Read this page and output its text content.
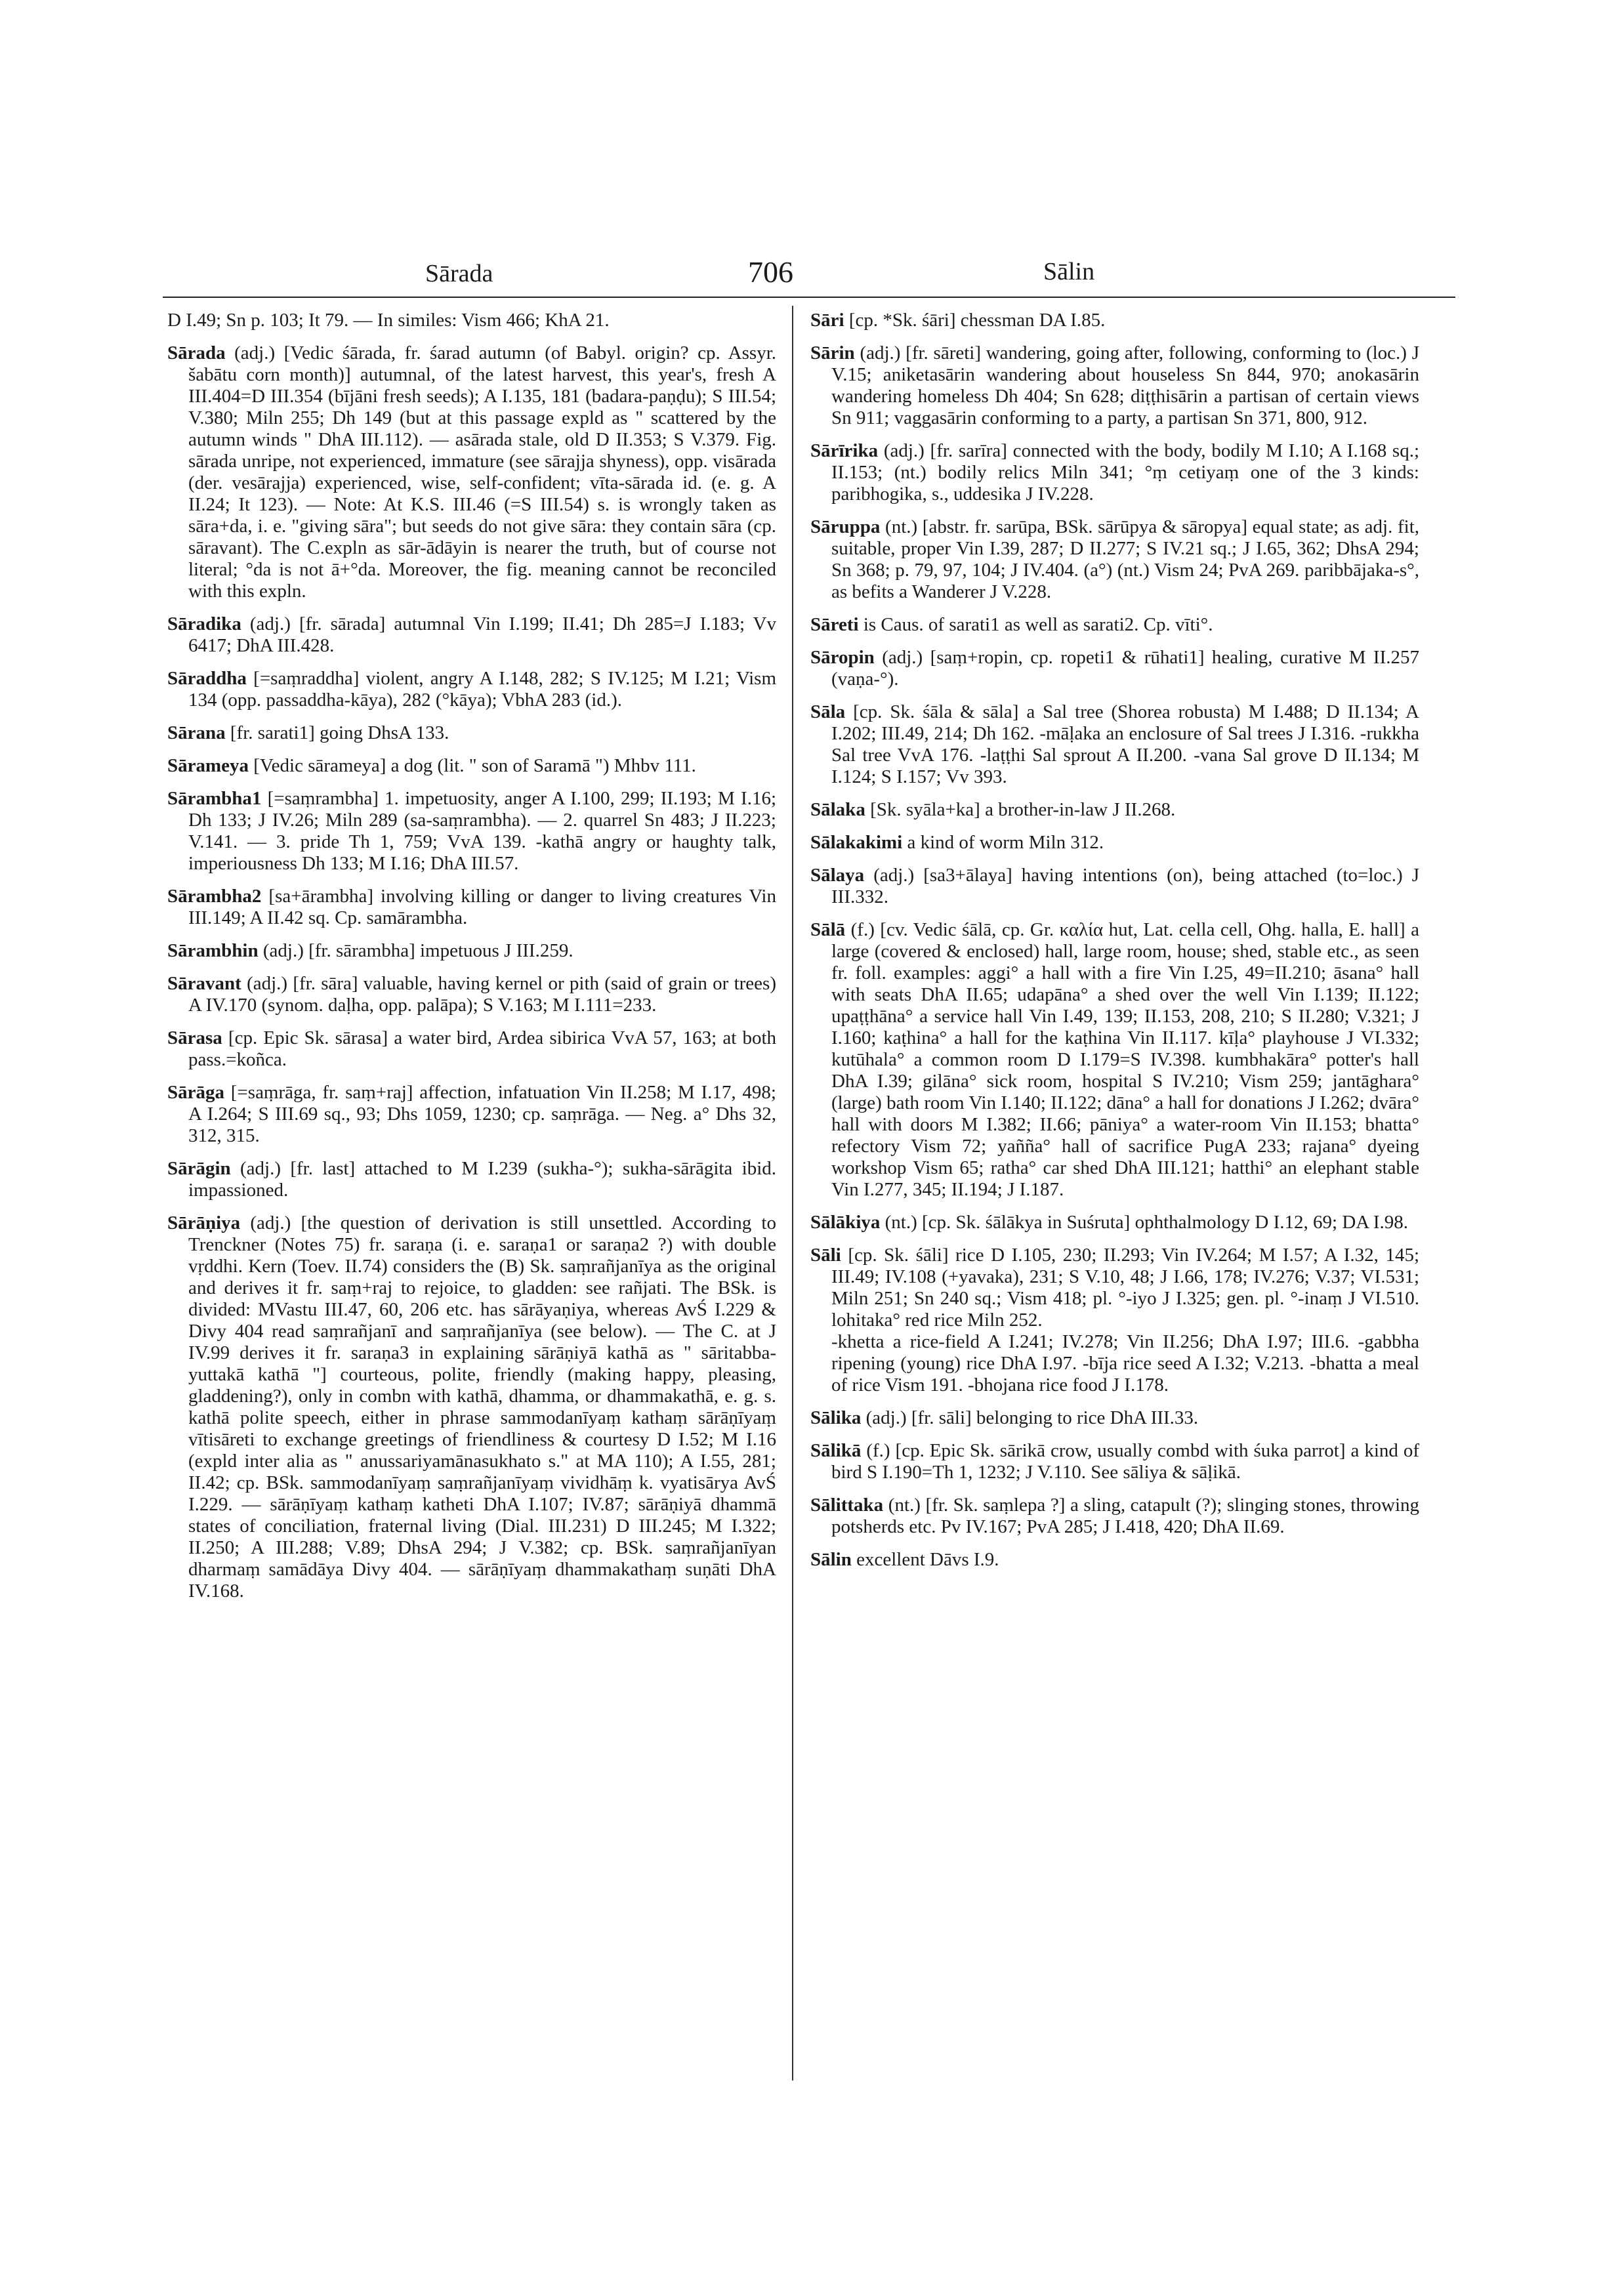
Sārada	706	Sālin

D I.49; Sn p. 103; It 79. — In similes: Vism 466; KhA 21.

Sārada (adj.) [Vedic śārada, fr. śarad autumn (of Babyl. origin? cp. Assyr. šabātu corn month)] autumnal, of the latest harvest, this year's, fresh A III.404=D III.354 (bījāni fresh seeds); A I.135, 181 (badara-paṇḍu); S III.54; V.380; Miln 255; Dh 149 (but at this passage expld as " scattered by the autumn winds " DhA III.112). — asārada stale, old D II.353; S V.379. Fig. sārada unripe, not experienced, immature (see sārajja shyness), opp. visārada (der. vesārajja) experienced, wise, self-confident; vīta-sārada id. (e. g. A II.24; It 123). — Note: At K.S. III.46 (=S III.54) s. is wrongly taken as sāra+da, i. e. "giving sāra"; but seeds do not give sāra: they contain sāra (cp. sāravant). The C.expln as sār-ādāyin is nearer the truth, but of course not literal; °da is not ā+°da. Moreover, the fig. meaning cannot be reconciled with this expln.

Sāradika (adj.) [fr. sārada] autumnal Vin I.199; II.41; Dh 285=J I.183; Vv 6417; DhA III.428.

Sāraddha [=saṃraddha] violent, angry A I.148, 282; S IV.125; M I.21; Vism 134 (opp. passaddha-kāya), 282 (°kāya); VbhA 283 (id.).

Sārana [fr. sarati1] going DhsA 133.

Sārameya [Vedic sārameya] a dog (lit. " son of Saramā ") Mhbv 111.

Sārambha1 [=saṃrambha] 1. impetuosity, anger A I.100, 299; II.193; M I.16; Dh 133; J IV.26; Miln 289 (sa-saṃrambha). — 2. quarrel Sn 483; J II.223; V.141. — 3. pride Th 1, 759; VvA 139. -kathā angry or haughty talk, imperiousness Dh 133; M I.16; DhA III.57.

Sārambha2 [sa+ārambha] involving killing or danger to living creatures Vin III.149; A II.42 sq. Cp. samārambha.

Sārambhin (adj.) [fr. sārambha] impetuous J III.259.

Sāravant (adj.) [fr. sāra] valuable, having kernel or pith (said of grain or trees) A IV.170 (synom. daḷha, opp. palāpa); S V.163; M I.111=233.

Sārasa [cp. Epic Sk. sārasa] a water bird, Ardea sibirica VvA 57, 163; at both pass.=koñca.

Sārāga [=saṃrāga, fr. saṃ+raj] affection, infatuation Vin II.258; M I.17, 498; A I.264; S III.69 sq., 93; Dhs 1059, 1230; cp. saṃrāga. — Neg. a° Dhs 32, 312, 315.

Sārāgin (adj.) [fr. last] attached to M I.239 (sukha-°); sukha-sārāgita ibid. impassioned.

Sārāṇiya (adj.) [the question of derivation is still unsettled. According to Trenckner (Notes 75) fr. saraṇa (i. e. saraṇa1 or saraṇa2 ?) with double vṛddhi. Kern (Toev. II.74) considers the (B) Sk. saṃrañjanīya as the original and derives it fr. saṃ+raj to rejoice, to gladden: see rañjati. The BSk. is divided: MVastu III.47, 60, 206 etc. has sārāyaṇiya, whereas AvŚ I.229 & Divy 404 read saṃrañjanī and saṃrañjanīya (see below). — The C. at J IV.99 derives it fr. saraṇa3 in explaining sārāṇiyā kathā as " sāritabba-yuttakā kathā "] courteous, polite, friendly (making happy, pleasing, gladdening?), only in combn with kathā, dhamma, or dhammakathā, e. g. s. kathā polite speech, either in phrase sammodanīyaṃ kathaṃ sārāṇīyaṃ vītisāreti to exchange greetings of friendliness & courtesy D I.52; M I.16 (expld inter alia as " anussariyamānasukhato s." at MA 110); A I.55, 281; II.42; cp. BSk. sammodanīyaṃ saṃrañjanīyaṃ vividhāṃ k. vyatisārya AvŚ I.229. — sārāṇīyaṃ kathaṃ katheti DhA I.107; IV.87; sārāṇiyā dhammā states of conciliation, fraternal living (Dial. III.231) D III.245; M I.322; II.250; A III.288; V.89; DhsA 294; J V.382; cp. BSk. saṃrañjanīyan dharmaṃ samādāya Divy 404. — sārāṇīyaṃ dhammakathaṃ suṇāti DhA IV.168.

Sāri [cp. *Sk. śāri] chessman DA I.85.

Sārin (adj.) [fr. sāreti] wandering, going after, following, conforming to (loc.) J V.15; aniketasārin wandering about houseless Sn 844, 970; anokasārin wandering homeless Dh 404; Sn 628; diṭṭhisārin a partisan of certain views Sn 911; vaggasārin conforming to a party, a partisan Sn 371, 800, 912.

Sārīrika (adj.) [fr. sarīra] connected with the body, bodily M I.10; A I.168 sq.; II.153; (nt.) bodily relics Miln 341; °ṃ cetiyaṃ one of the 3 kinds: paribhogika, s., uddesika J IV.228.

Sāruppa (nt.) [abstr. fr. sarūpa, BSk. sārūpya & sāropya] equal state; as adj. fit, suitable, proper Vin I.39, 287; D II.277; S IV.21 sq.; J I.65, 362; DhsA 294; Sn 368; p. 79, 97, 104; J IV.404. (a°) (nt.) Vism 24; PvA 269. paribbājaka-s°, as befits a Wanderer J V.228.

Sāreti is Caus. of sarati1 as well as sarati2. Cp. vīti°.

Sāropin (adj.) [saṃ+ropin, cp. ropeti1 & rūhati1] healing, curative M II.257 (vaṇa-°).

Sāla [cp. Sk. śāla & sāla] a Sal tree (Shorea robusta) M I.488; D II.134; A I.202; III.49, 214; Dh 162. -māḷaka an enclosure of Sal trees J I.316. -rukkha Sal tree VvA 176. -laṭṭhi Sal sprout A II.200. -vana Sal grove D II.134; M I.124; S I.157; Vv 393.

Sālaka [Sk. syāla+ka] a brother-in-law J II.268.

Sālakakimi a kind of worm Miln 312.

Sālaya (adj.) [sa3+ālaya] having intentions (on), being attached (to=loc.) J III.332.

Sālā (f.) [cv. Vedic śālā, cp. Gr. καλία hut, Lat. cella cell, Ohg. halla, E. hall] a large (covered & enclosed) hall, large room, house; shed, stable etc., as seen fr. foll. examples: aggi° a hall with a fire Vin I.25, 49=II.210; āsana° hall with seats DhA II.65; udapāna° a shed over the well Vin I.139; II.122; upaṭṭhāna° a service hall Vin I.49, 139; II.153, 208, 210; S II.280; V.321; J I.160; kaṭhina° a hall for the kaṭhina Vin II.117. kīḷa° playhouse J VI.332; kutūhala° a common room D I.179=S IV.398. kumbhakāra° potter's hall DhA I.39; gilāna° sick room, hospital S IV.210; Vism 259; jantāghara° (large) bath room Vin I.140; II.122; dāna° a hall for donations J I.262; dvāra° hall with doors M I.382; II.66; pāniya° a water-room Vin II.153; bhatta° refectory Vism 72; yañña° hall of sacrifice PugA 233; rajana° dyeing workshop Vism 65; ratha° car shed DhA III.121; hatthi° an elephant stable Vin I.277, 345; II.194; J I.187.

Sālākiya (nt.) [cp. Sk. śālākya in Suśruta] ophthalmology D I.12, 69; DA I.98.

Sāli [cp. Sk. śāli] rice D I.105, 230; II.293; Vin IV.264; M I.57; A I.32, 145; III.49; IV.108 (+yavaka), 231; S V.10, 48; J I.66, 178; IV.276; V.37; VI.531; Miln 251; Sn 240 sq.; Vism 418; pl. °-iyo J I.325; gen. pl. °-inaṃ J VI.510. lohitaka° red rice Miln 252.

-khetta a rice-field A I.241; IV.278; Vin II.256; DhA I.97; III.6. -gabbha ripening (young) rice DhA I.97. -bīja rice seed A I.32; V.213. -bhatta a meal of rice Vism 191. -bhojana rice food J I.178.

Sālika (adj.) [fr. sāli] belonging to rice DhA III.33.

Sālikā (f.) [cp. Epic Sk. sārikā crow, usually combd with śuka parrot] a kind of bird S I.190=Th 1, 1232; J V.110. See sāliya & sāḷikā.

Sālittaka (nt.) [fr. Sk. saṃlepa ?] a sling, catapult (?); slinging stones, throwing potsherds etc. Pv IV.167; PvA 285; J I.418, 420; DhA II.69.

Sālin excellent Dāvs I.9.
